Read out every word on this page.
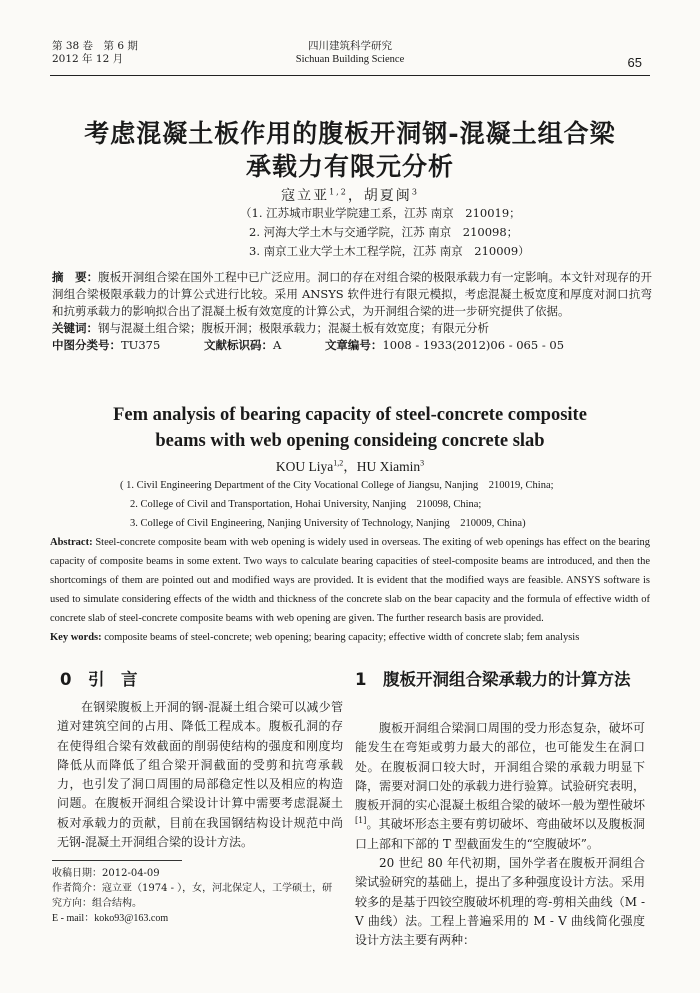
第 38 卷　第 6 期
2012 年 12 月
四川建筑科学研究
Sichuan Building Science	65
考虑混凝土板作用的腹板开洞钢-混凝土组合梁
承载力有限元分析
寇立亚$^{1,2}$，胡夏闽$^3$
（1. 江苏城市职业学院建工系，江苏 南京　210019；
2. 河海大学土木与交通学院，江苏 南京　210098；
3. 南京工业大学土木工程学院，江苏 南京　210009）
摘　要：腹板开洞组合梁在国外工程中已广泛应用。洞口的存在对组合梁的极限承载力有一定影响。本文针对现存的开洞组合梁极限承载力的计算公式进行比较。采用 ANSYS 软件进行有限元模拟，考虑混凝土板宽度和厚度对洞口抗弯和抗剪承载力的影响拟合出了混凝土板有效宽度的计算公式，为开洞组合梁的进一步研究提供了依据。
关键词：钢与混凝土组合梁；腹板开洞；极限承载力；混凝土板有效宽度；有限元分析
中图分类号：TU375	文献标识码：A	文章编号：1008 - 1933(2012)06 - 065 - 05
Fem analysis of bearing capacity of steel-concrete composite
beams with web opening consideing concrete slab
KOU Liya$^{1,2}$，HU Xiamin$^3$
( 1. Civil Engineering Department of the City Vocational College of Jiangsu, Nanjing　210019, China;
2. College of Civil and Transportation, Hohai University, Nanjing　210098, China;
3. College of Civil Engineering, Nanjing University of Technology, Nanjing　210009, China)
Abstract: Steel-concrete composite beam with web opening is widely used in overseas. The exiting of web openings has effect on the bearing capacity of composite beams in some extent. Two ways to calculate bearing capacities of steel-composite beams are introduced, and then the shortcomings of them are pointed out and modified ways are provided. It is evident that the modified ways are feasible. ANSYS software is used to simulate considering effects of the width and thickness of the concrete slab on the bear capacity and the formula of effective width of concrete slab of steel-concrete composite beams with web opening are given. The further research basis are provided.
Key words: composite beams of steel-concrete; web opening; bearing capacity; effective width of concrete slab; fem analysis
0　引　言
在钢梁腹板上开洞的钢-混凝土组合梁可以减少管道对建筑空间的占用、降低工程成本。腹板孔洞的存在使得组合梁有效截面的削弱使结构的强度和刚度均降低从而降低了组合梁开洞截面的受剪和抗弯承载力，也引发了洞口周围的局部稳定性以及相应的构造问题。在腹板开洞组合梁设计计算中需要考虑混凝土板对承载力的贡献，目前在我国钢结构设计规范中尚无钢-混凝土开洞组合梁的设计方法。
收稿日期：2012-04-09
作者简介：寇立亚（1974 - ），女，河北保定人，工学硕士，研究方向：组合结构。
E - mail：koko93@163.com
1　腹板开洞组合梁承载力的计算方法
腹板开洞组合梁洞口周围的受力形态复杂，破坏可能发生在弯矩或剪力最大的部位，也可能发生在洞口处。在腹板洞口较大时，开洞组合梁的承载力明显下降，需要对洞口处的承载力进行验算。试验研究表明，腹板开洞的实心混凝土板组合梁的破坏一般为塑性破坏[1]。其破坏形态主要有剪切破坏、弯曲破坏以及腹板洞口上部和下部的 T 型截面发生的“空腹破坏”。
20 世纪 80 年代初期，国外学者在腹板开洞组合梁试验研究的基础上，提出了多种强度设计方法。采用较多的是基于四铰空腹破坏机理的弯-剪相关曲线（M - V 曲线）法。工程上普遍采用的 M - V 曲线简化强度设计方法主要有两种：
